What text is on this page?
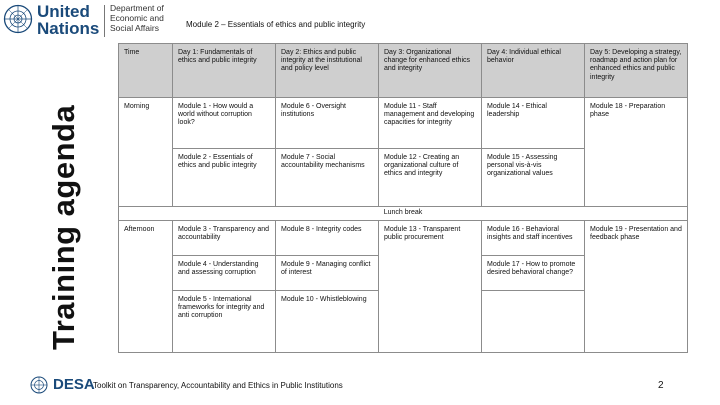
United Nations
Department of
Economic and
Social Affairs	Module 2 – Essentials of ethics and public integrity
Training agenda
Time	Day 1: Fundamentals of ethics and public integrity	Day 2: Ethics and public integrity at the institutional and policy level	Day 3: Organizational change for enhanced ethics and integrity	Day 4: Individual ethical behavior	Day 5: Developing a strategy, roadmap and action plan for enhanced ethics and public integrity
Morning	Module 1 - How would a world without corruption look?	Module 6 - Oversight institutions	Module 11 - Staff management and developing capacities for integrity	Module 14 - Ethical leadership	Module 18 - Preparation phase
	Module 2 - Essentials of ethics and public integrity	Module 7 - Social accountability mechanisms	Module 12 - Creating an organizational culture of ethics and integrity	Module 15 - Assessing personal vis-à-vis organizational values	
Lunch break					
Afternoon	Module 3 - Transparency and accountability	Module 8 - Integrity codes	Module 13 - Transparent public procurement	Module 16 - Behavioral insights and staff incentives	Module 19 - Presentation and feedback phase
	Module 4 - Understanding and assessing corruption	Module 9 - Managing conflict of interest		Module 17 - How to promote desired behavioral change?	
	Module 5 - International frameworks for integrity and anti corruption	Module 10 - Whistleblowing			
DESA
Toolkit on Transparency, Accountability and Ethics in Public Institutions	2
